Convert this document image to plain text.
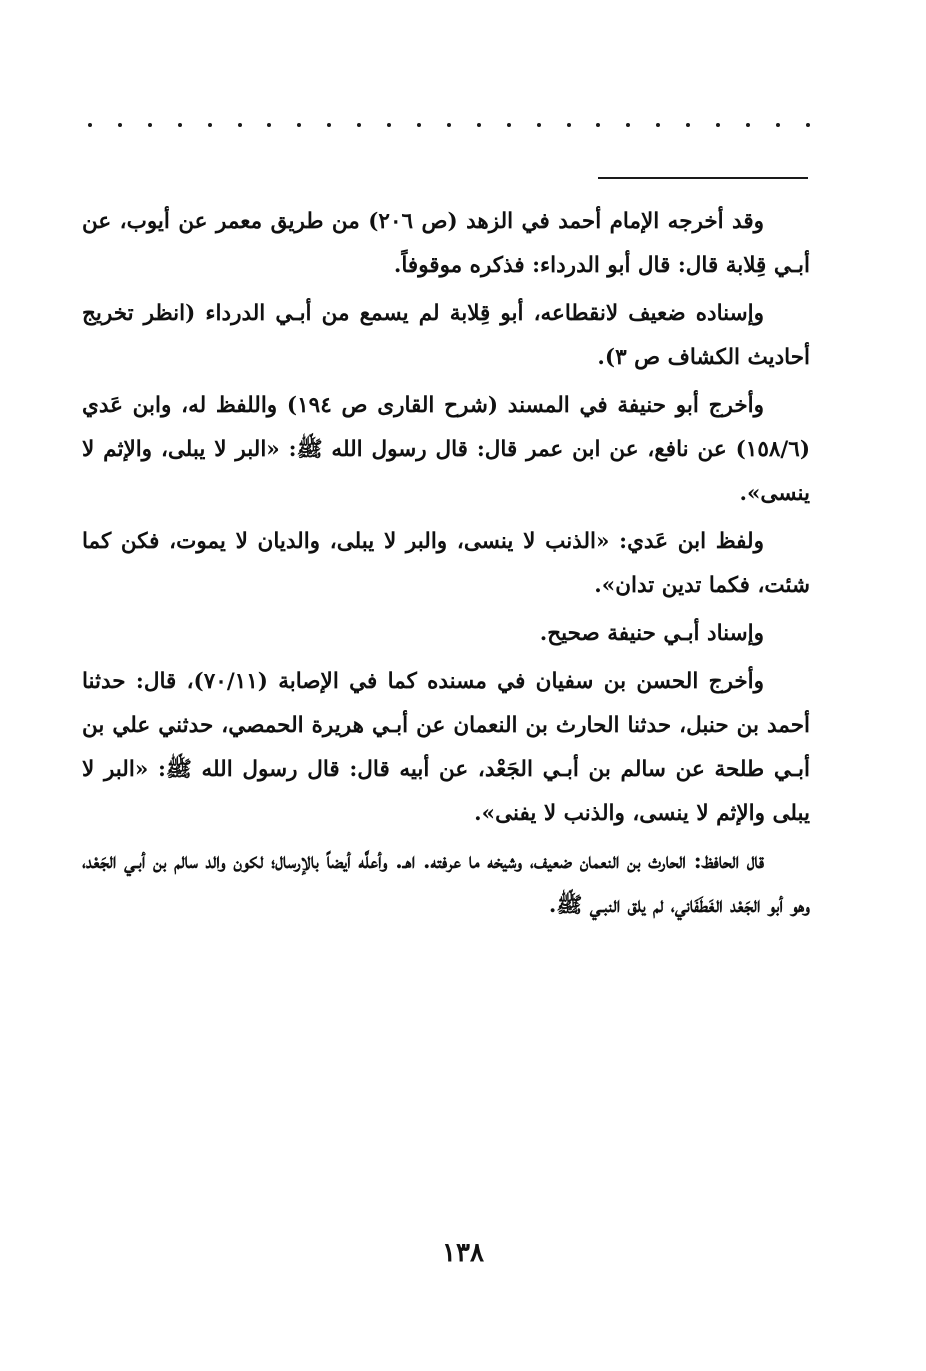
وقد أخرجه الإمام أحمد في الزهد (ص ٢٠٦) من طريق معمر عن أيوب، عن أبـي قِلابة قال: قال أبو الدرداء: فذكره موقوفاً.

وإسناده ضعيف لانقطاعه، أبو قِلابة لم يسمع من أبـي الدرداء (انظر تخريج أحاديث الكشاف ص ٣).

وأخرج أبو حنيفة في المسند (شرح القارى ص ١٩٤) واللفظ له، وابن عَدي (١٥٨/٦) عن نافع، عن ابن عمر قال: قال رسول الله ﷺ: «البر لا يبلى، والإثم لا ينسى».

ولفظ ابن عَدي: «الذنب لا ينسى، والبر لا يبلى، والديان لا يموت، فكن كما شئت، فكما تدين تدان».

وإسناد أبـي حنيفة صحيح.

وأخرج الحسن بن سفيان في مسنده كما في الإصابة (٧٠/١١)، قال: حدثنا أحمد بن حنبل، حدثنا الحارث بن النعمان عن أبـي هريرة الحمصي، حدثني علي بن أبـي طلحة عن سالم بن أبـي الجَعْد، عن أبيه قال: قال رسول الله ﷺ: «البر لا يبلى والإثم لا ينسى، والذنب لا يفنى».

قال الحافظ: الحارث بن النعمان ضعيف، وشيخه ما عرفته. اهـ. وأعلَّه أيضاً بالإرسال؛ لكون والد سالم بن أبـي الجَعْد، وهو أبو الجَعْد الغَطَفَاني، لم يلق النبـي ﷺ.

١٣٨
